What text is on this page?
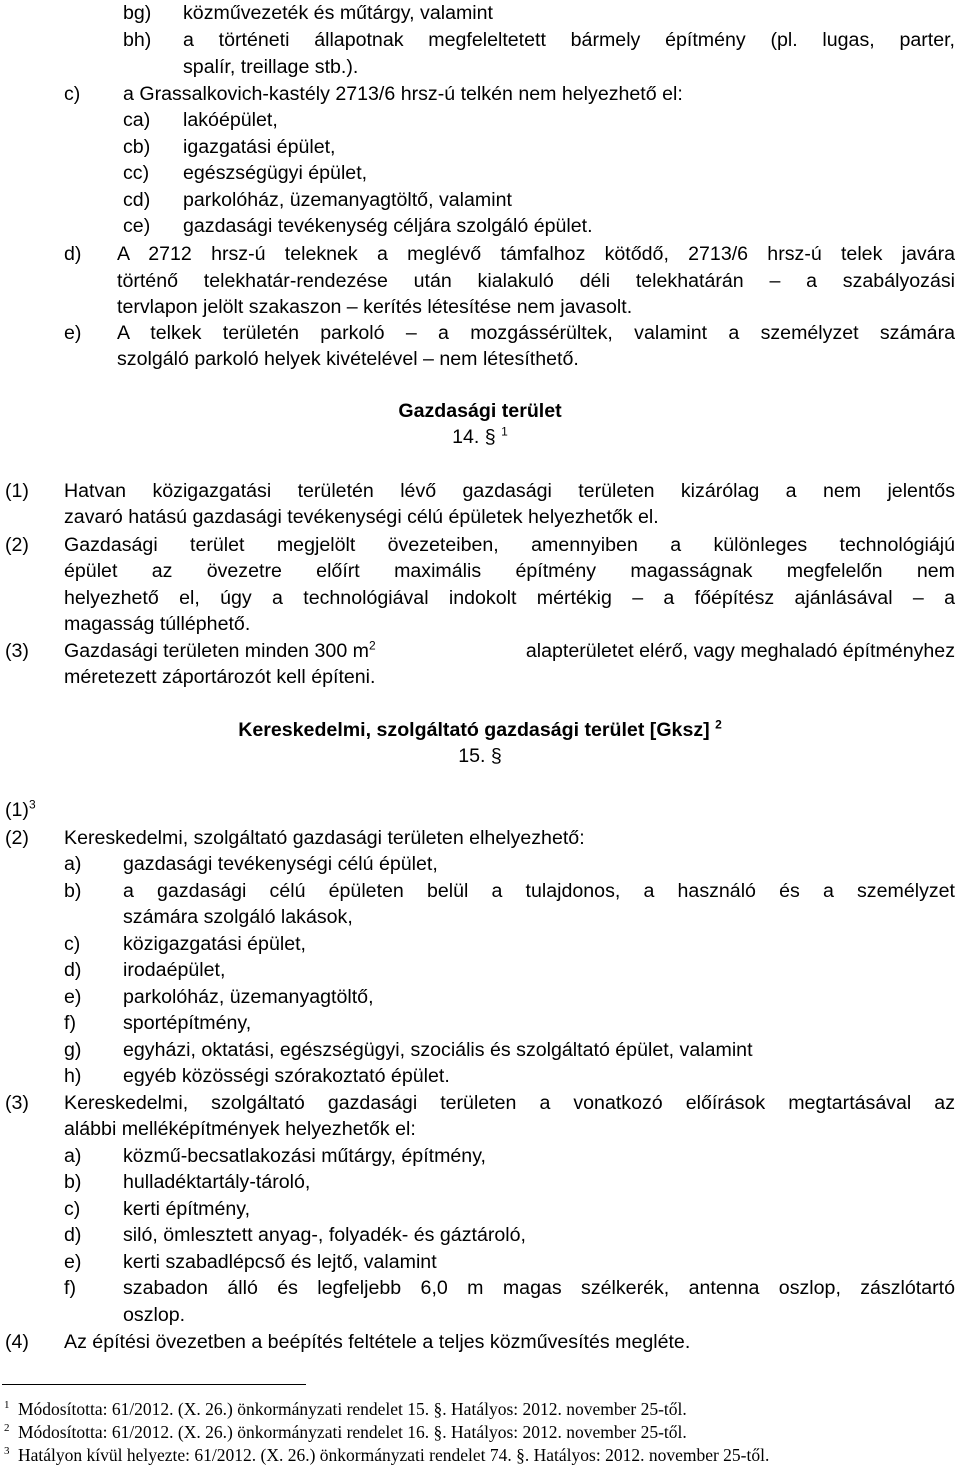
bg) közművezeték és műtárgy, valamint
bh) a történeti állapotnak megfeleltetett bármely építmény (pl. lugas, parter,
spalír, treillage stb.).
c) a Grassalkovich-kastély 2713/6 hrsz-ú telkén nem helyezhető el:
ca) lakóépület,
cb) igazgatási épület,
cc) egészségügyi épület,
cd) parkolóház, üzemanyagtöltő, valamint
ce) gazdasági tevékenység céljára szolgáló épület.
d) A 2712 hrsz-ú teleknek a meglévő támfalhoz kötődő, 2713/6 hrsz-ú telek javára
történő telekhatár-rendezése után kialakuló déli telekhatárán – a szabályozási
tervlapon jelölt szakaszon – kerítés létesítése nem javasolt.
e) A telkek területén parkoló – a mozgássérültek, valamint a személyzet számára
szolgáló parkoló helyek kivételével – nem létesíthető.
Gazdasági terület
14. § $^1$
(1) Hatvan közigazgatási területén lévő gazdasági területen kizárólag a nem jelentős
zavaró hatású gazdasági tevékenységi célú épületek helyezhetők el.
(2) Gazdasági terület megjelölt övezeteiben, amennyiben a különleges technológiájú
épület az övezetre előírt maximális építmény magasságnak megfelelőn nem
helyezhető el, úgy a technológiával indokolt mértékig – a főépítész ajánlásával – a
magasság túlléphető.
(3) Gazdasági területen minden 300 $m^2$	alapterületet elérő, vagy meghaladó építményhez
méretezett záportározót kell építeni.
Kereskedelmi, szolgáltató gazdasági terület [Gksz] $^2$
15. §
$(1)^3$
(2) Kereskedelmi, szolgáltató gazdasági területen elhelyezhető:
a) gazdasági tevékenységi célú épület,
b) a gazdasági célú épületen belül a tulajdonos, a használó és a személyzet
számára szolgáló lakások,
c) közigazgatási épület,
d) irodaépület,
e) parkolóház, üzemanyagtöltő,
f) sportépítmény,
g) egyházi, oktatási, egészségügyi, szociális és szolgáltató épület, valamint
h) egyéb közösségi szórakoztató épület.
(3) Kereskedelmi, szolgáltató gazdasági területen a vonatkozó előírások megtartásával az
alábbi melléképítmények helyezhetők el:
a) közmű-becsatlakozási műtárgy, építmény,
b) hulladéktartály-tároló,
c) kerti építmény,
d) siló, ömlesztett anyag-, folyadék- és gáztároló,
e) kerti szabadlépcső és lejtő, valamint
f) szabadon álló és legfeljebb 6,0 m magas szélkerék, antenna oszlop, zászlótartó
oszlop.
(4) Az építési övezetben a beépítés feltétele a teljes közművesítés megléte.
1 Módosította: 61/2012. (X. 26.) önkormányzati rendelet 15. §. Hatályos: 2012. november 25-től.
2 Módosította: 61/2012. (X. 26.) önkormányzati rendelet 16. §. Hatályos: 2012. november 25-től.
3 Hatályon kívül helyezte: 61/2012. (X. 26.) önkormányzati rendelet 74. §. Hatályos: 2012. november 25-től.
